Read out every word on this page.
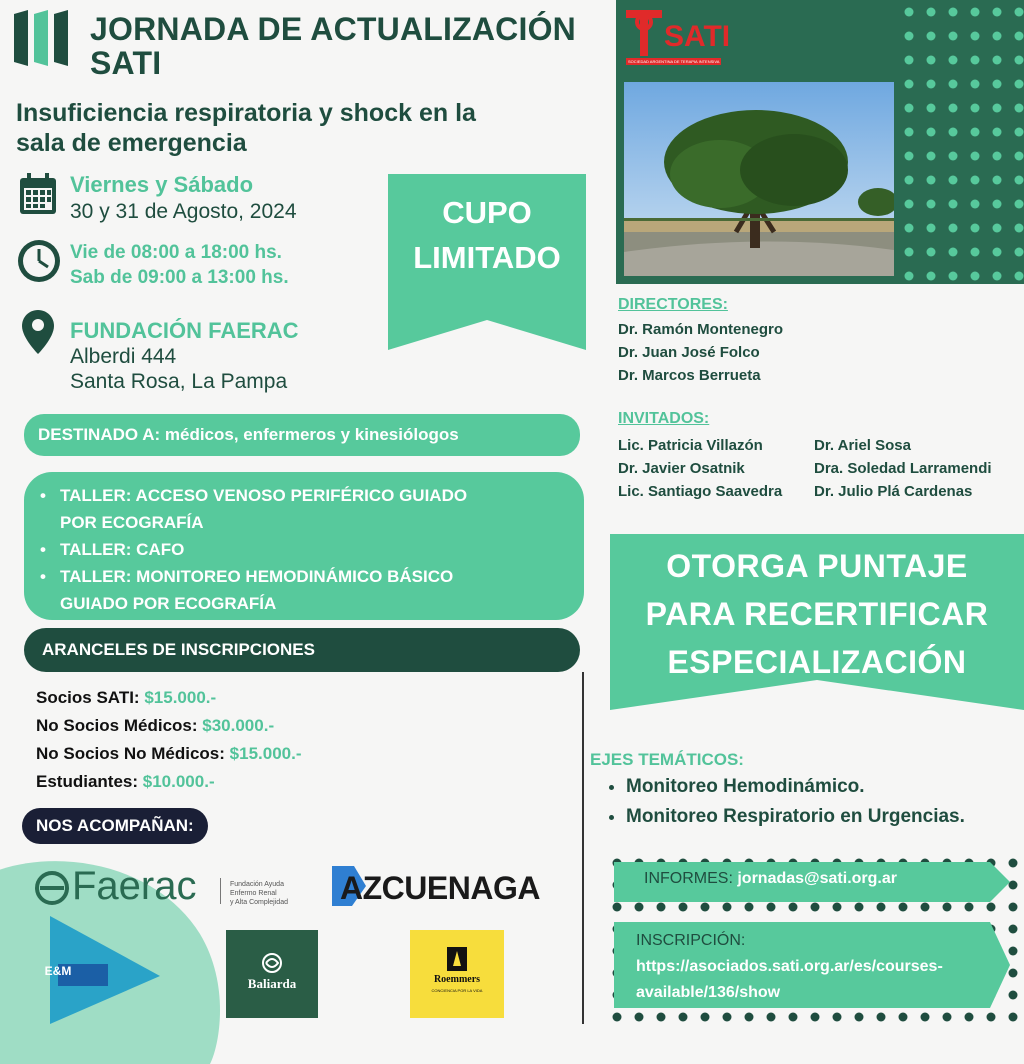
JORNADA DE ACTUALIZACIÓN
SATI
Insuficiencia respiratoria y shock en la
sala de emergencia
Viernes y Sábado
30 y 31 de Agosto, 2024
Vie de 08:00 a 18:00 hs.
Sab de 09:00 a 13:00 hs.
FUNDACIÓN FAERAC
Alberdi 444
Santa Rosa, La Pampa
CUPO
LIMITADO
DESTINADO A: médicos, enfermeros y kinesiólogos
• TALLER: ACCESO VENOSO PERIFÉRICO GUIADO
POR ECOGRAFÍA
• TALLER: CAFO
• TALLER: MONITOREO HEMODINÁMICO BÁSICO
GUIADO POR ECOGRAFÍA
ARANCELES DE INSCRIPCIONES
Socios SATI: $15.000.-
No Socios Médicos: $30.000.-
No Socios No Médicos: $15.000.-
Estudiantes: $10.000.-
NOS ACOMPAÑAN:
Faerac	Fundación Ayuda
Enfermo Renal
y Alta Complejidad AZCUENAGA
E&M
Baliarda	Roemmers
CONCIENCIA POR LA VIDA
SATI
SOCIEDAD ARGENTINA DE TERAPIA INTENSIVA
DIRECTORES:
Dr. Ramón Montenegro
Dr. Juan José Folco
Dr. Marcos Berrueta
INVITADOS:
Lic. Patricia Villazón
Dr. Javier Osatnik
Lic. Santiago Saavedra
Dr. Ariel Sosa
Dra. Soledad Larramendi
Dr. Julio Plá Cardenas
OTORGA PUNTAJE
PARA RECERTIFICAR
ESPECIALIZACIÓN
EJES TEMÁTICOS:
• Monitoreo Hemodinámico.
• Monitoreo Respiratorio en Urgencias.
INFORMES: jornadas@sati.org.ar
INSCRIPCIÓN:
https://asociados.sati.org.ar/es/courses-
available/136/show
